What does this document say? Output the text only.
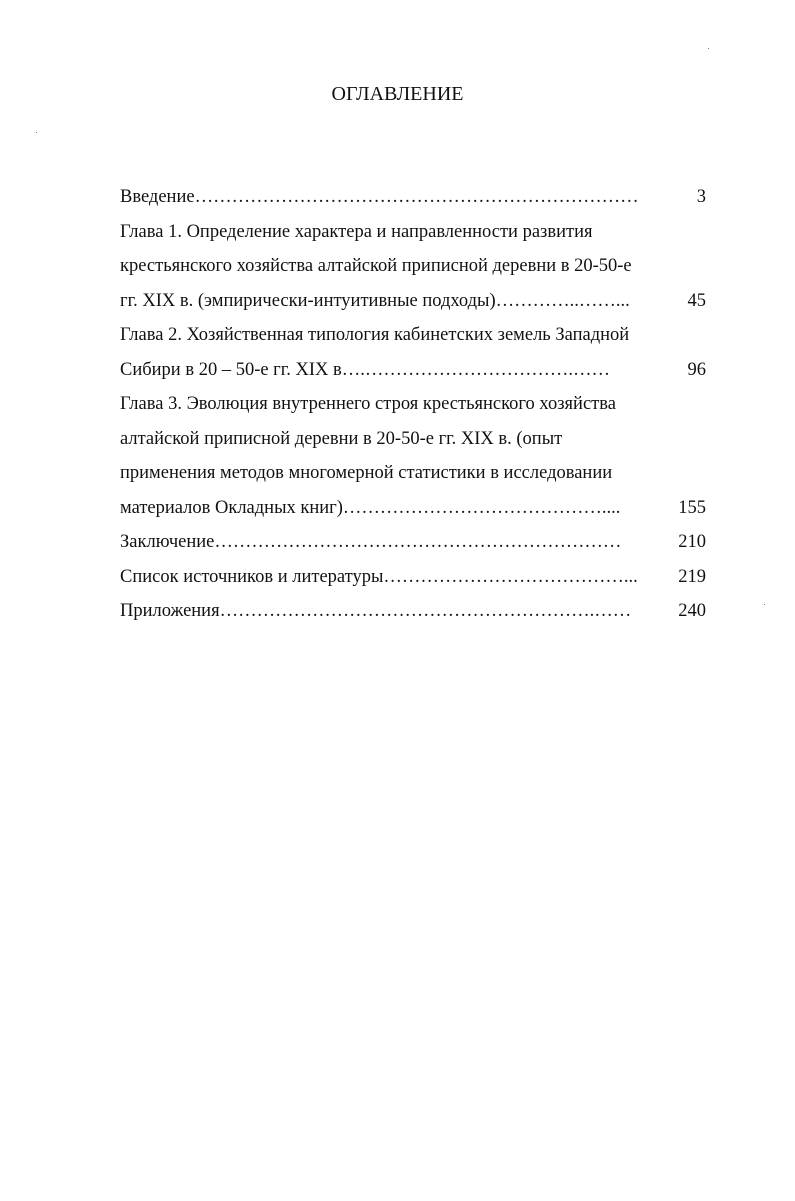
ОГЛАВЛЕНИЕ
Введение………………………………………………………………	3
Глава 1. Определение характера и направленности развития
крестьянского хозяйства алтайской приписной деревни в 20-50-е
гг. XIX в. (эмпирически-интуитивные подходы)…………..……...	45
Глава 2. Хозяйственная типология кабинетских земель Западной
Сибири в 20 – 50-е гг. XIX в….…………………………….……	96
Глава 3. Эволюция внутреннего строя крестьянского хозяйства
алтайской приписной деревни в 20-50-е гг. XIX в. (опыт
применения методов многомерной статистики в исследовании
материалов Окладных книг)……………………………………....	155
Заключение…………………………………………………………	210
Список источников и литературы…………………………………...	219
Приложения…………………………………………………….……	240
